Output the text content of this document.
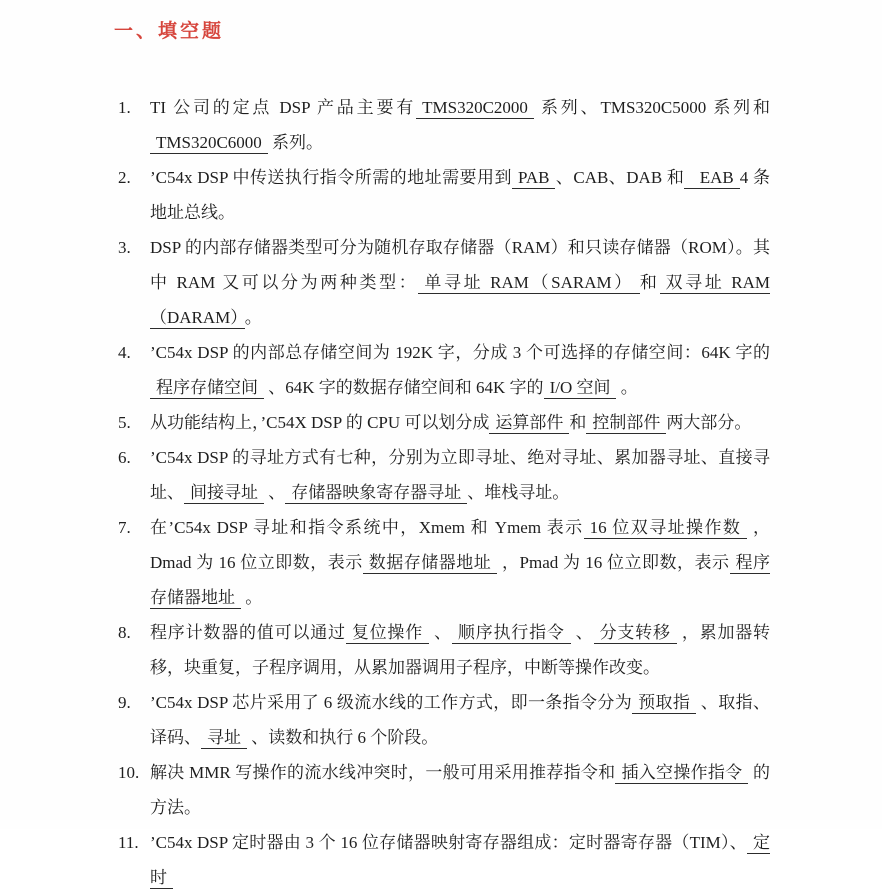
一、填空题
1.	TI 公司的定点 DSP 产品主要有 TMS320C2000 系列、TMS320C5000 系列和 TMS320C6000 系列。
2.	’C54x DSP 中传送执行指令所需的地址需要用到 PAB 、CAB、DAB 和  EAB 4 条地址总线。
3.	DSP 的内部存储器类型可分为随机存取存储器（RAM）和只读存储器（ROM）。其中 RAM 又可以分为两种类型： 单寻址 RAM（SARAM） 和 双寻址 RAM（DARAM） 。
4.	’C54x DSP 的内部总存储空间为 192K 字，分成 3 个可选择的存储空间：64K 字的程序存储空间 、64K 字的数据存储空间和 64K 字的 I/O 空间 。
5.	从功能结构上，’C54X DSP 的 CPU 可以划分成 运算部件 和 控制部件 两大部分。
6.	’C54x DSP 的寻址方式有七种，分别为立即寻址、绝对寻址、累加器寻址、直接寻址、 间接寻址 、 存储器映象寄存器寻址 、堆栈寻址。
7.	在’C54x DSP 寻址和指令系统中，Xmem 和 Ymem 表示 16 位双寻址操作数 ，Dmad 为 16 位立即数，表示 数据存储器地址 ，Pmad 为 16 位立即数，表示 程序存储器地址 。
8.	程序计数器的值可以通过 复位操作 、 顺序执行指令 、 分支转移 ，累加器转移，块重复，子程序调用，从累加器调用子程序，中断等操作改变。
9.	’C54x DSP 芯片采用了 6 级流水线的工作方式，即一条指令分为 预取指 、取指、译码、 寻址 、读数和执行 6 个阶段。
10. 解决 MMR 写操作的流水线冲突时，一般可用采用推荐指令和 插入空操作指令 的方法。
11. ’C54x DSP 定时器由 3 个 16 位存储器映射寄存器组成：定时器寄存器（TIM）、 定时
